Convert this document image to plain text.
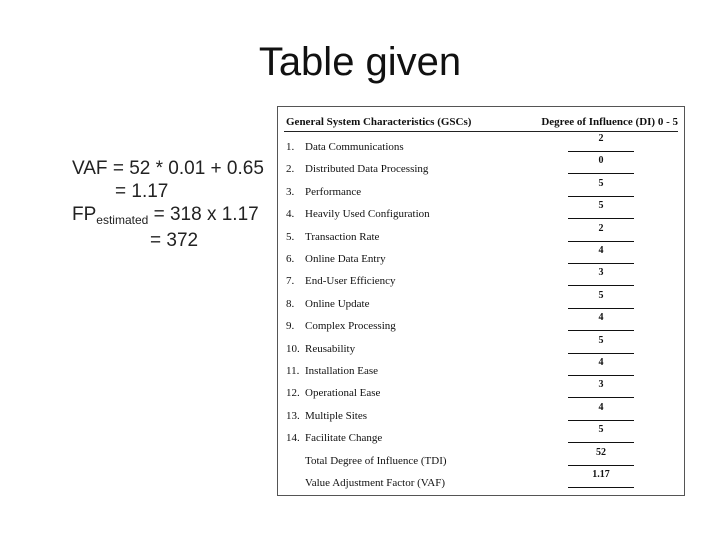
Table given
VAF = 52 * 0.01 + 0.65
= 1.17
$FP_{estimated} = 318$ x 1.17
= 372
General System Characteristics (GSCs)	Degree of Influence (DI) 0 - 5
1. Data Communications
2
2. Distributed Data Processing
0
3. Performance
5
4. Heavily Used Configuration
5
5. Transaction Rate
2
6. Online Data Entry
4
7. End-User Efficiency
3
8. Online Update
5
9. Complex Processing
4
10. Reusability
5
11. Installation Ease
4
12. Operational Ease
3
13. Multiple Sites
4
14. Facilitate Change
5
Total Degree of Influence (TDI)
52
Value Adjustment Factor (VAF)
1.17
